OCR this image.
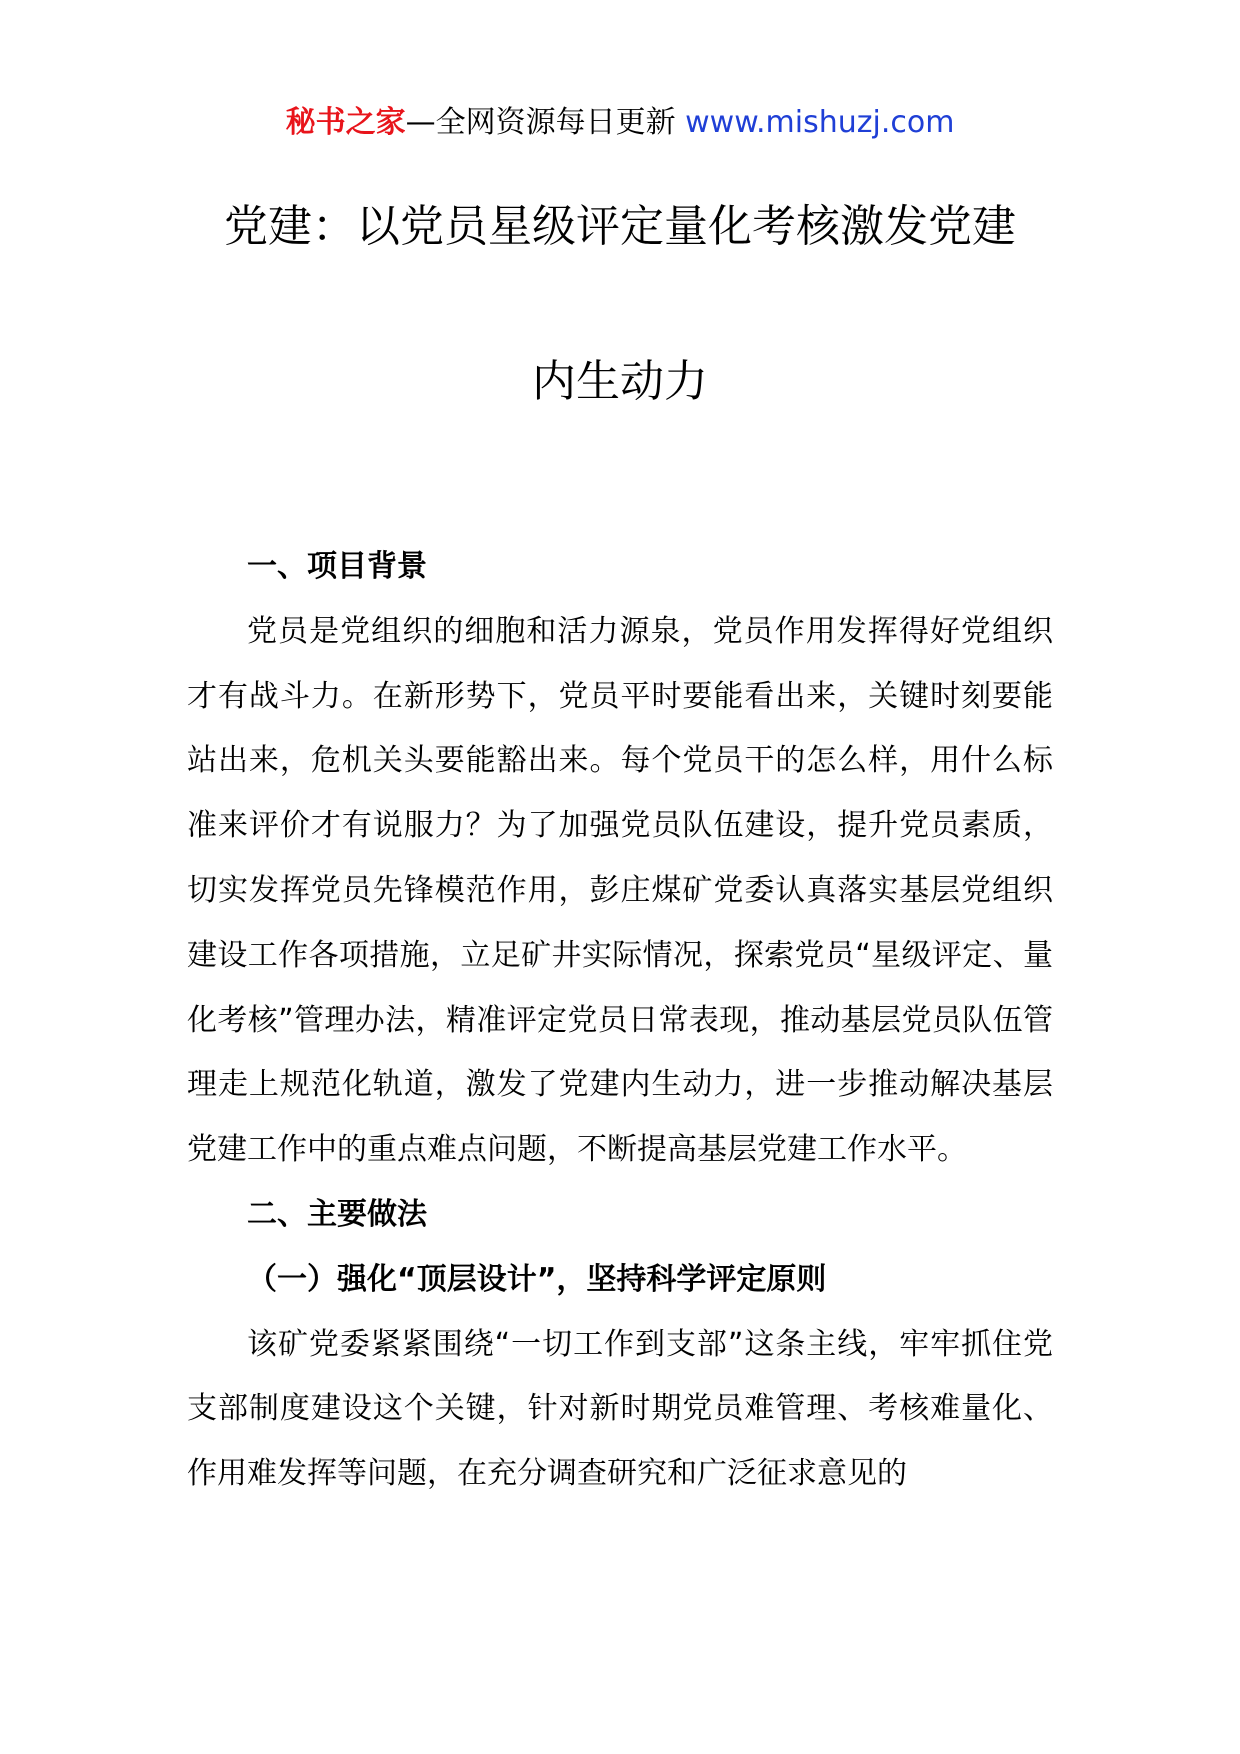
秘书之家—全网资源每日更新 www.mishuzj.com
党建：以党员星级评定量化考核激发党建
内生动力

一、项目背景

党员是党组织的细胞和活力源泉，党员作用发挥得好党组织才有战斗力。在新形势下，党员平时要能看出来，关键时刻要能站出来，危机关头要能豁出来。每个党员干的怎么样，用什么标准来评价才有说服力？为了加强党员队伍建设，提升党员素质，切实发挥党员先锋模范作用，彭庄煤矿党委认真落实基层党组织建设工作各项措施，立足矿井实际情况，探索党员“星级评定、量化考核”管理办法，精准评定党员日常表现，推动基层党员队伍管理走上规范化轨道，激发了党建内生动力，进一步推动解决基层党建工作中的重点难点问题，不断提高基层党建工作水平。

二、主要做法

（一）强化“顶层设计”，坚持科学评定原则

该矿党委紧紧围绕“一切工作到支部”这条主线，牢牢抓住党支部制度建设这个关键，针对新时期党员难管理、考核难量化、作用难发挥等问题，在充分调查研究和广泛征求意见的
